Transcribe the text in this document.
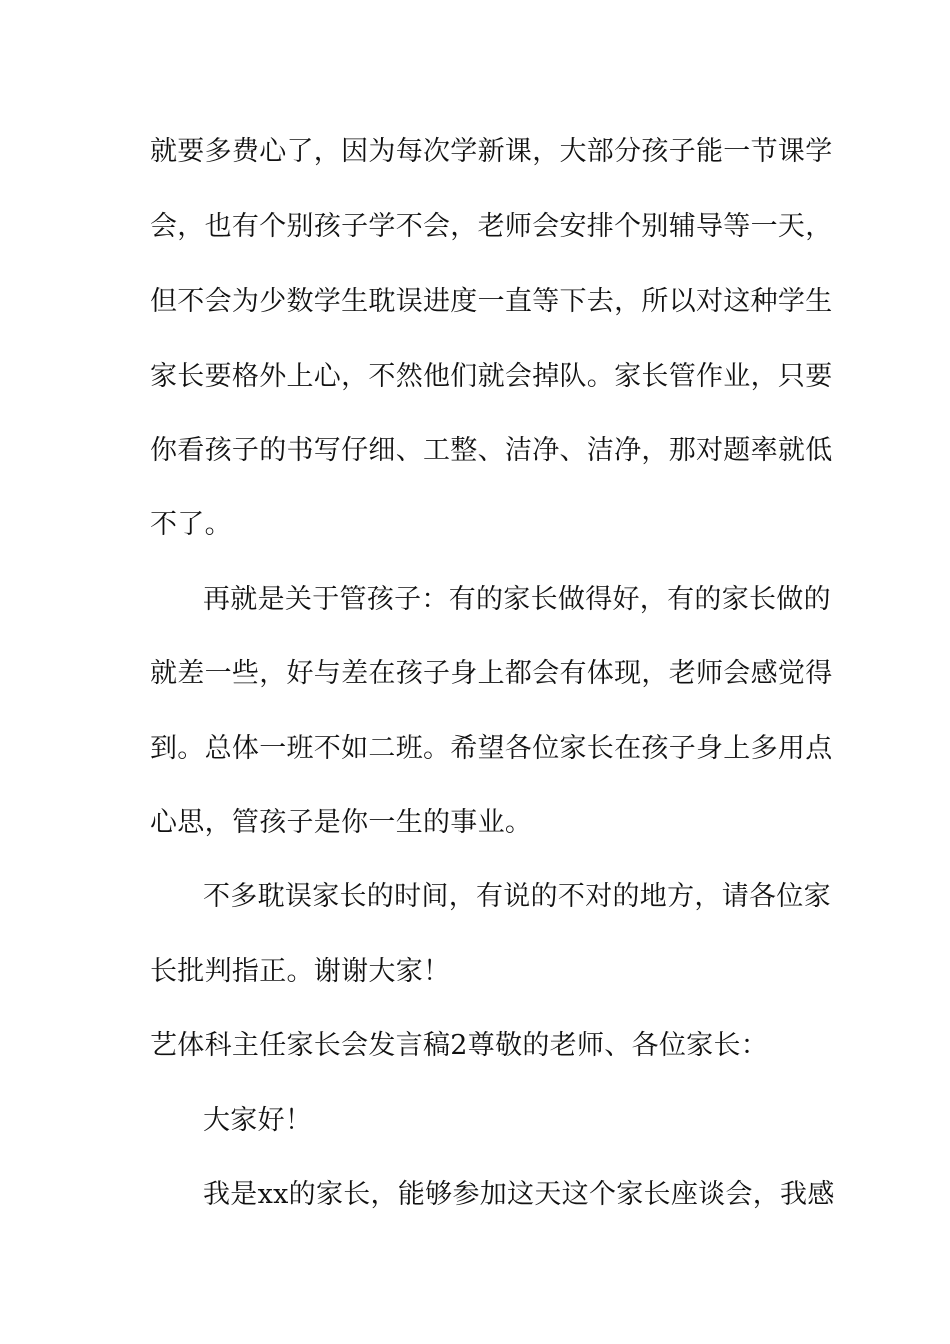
就要多费心了，因为每次学新课，大部分孩子能一节课学
会，也有个别孩子学不会，老师会安排个别辅导等一天，
但不会为少数学生耽误进度一直等下去，所以对这种学生
家长要格外上心，不然他们就会掉队。家长管作业，只要
你看孩子的书写仔细、工整、洁净、洁净，那对题率就低
不了。
再就是关于管孩子：有的家长做得好，有的家长做的
就差一些，好与差在孩子身上都会有体现，老师会感觉得
到。总体一班不如二班。希望各位家长在孩子身上多用点
心思，管孩子是你一生的事业。
不多耽误家长的时间，有说的不对的地方，请各位家
长批判指正。谢谢大家！
艺体科主任家长会发言稿2尊敬的老师、各位家长：
大家好！
我是xx的家长，能够参加这天这个家长座谈会，我感
